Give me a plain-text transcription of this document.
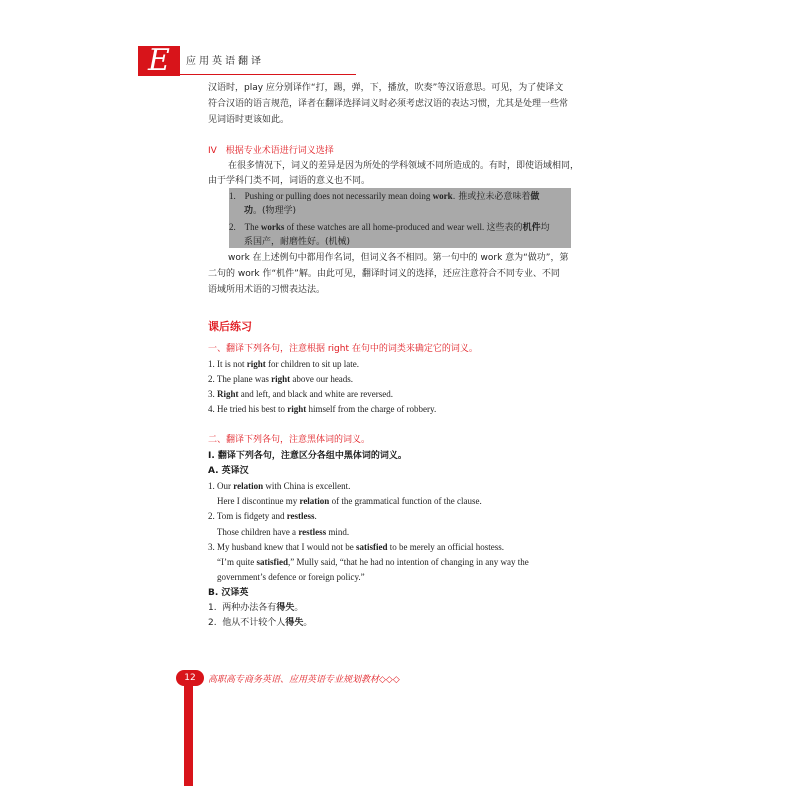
E	应用英语翻译
汉语时，play 应分别译作“打，踢，弹，下，播放，吹奏”等汉语意思。可见，为了使译文
符合汉语的语言规范，译者在翻译选择词义时必须考虑汉语的表达习惯，尤其是处理一些常
见词语时更该如此。
IV　根据专业术语进行词义选择
在很多情况下，词义的差异是因为所处的学科领域不同所造成的。有时，即使语域相同，
由于学科门类不同，词语的意义也不同。
1. Pushing or pulling does not necessarily mean doing work. 推或拉未必意味着做
功。(物理学)
2. The works of these watches are all home-produced and wear well. 这些表的机件均
系国产，耐磨性好。(机械)
work 在上述例句中都用作名词，但词义各不相同。第一句中的 work 意为“做功”，第
二句的 work 作“机件”解。由此可见，翻译时词义的选择，还应注意符合不同专业、不同
语域所用术语的习惯表达法。
课后练习
一、翻译下列各句，注意根据 right 在句中的词类来确定它的词义。
1. It is not right for children to sit up late.
2. The plane was right above our heads.
3. Right and left, and black and white are reversed.
4. He tried his best to right himself from the charge of robbery.
二、翻译下列各句，注意黑体词的词义。
I. 翻译下列各句，注意区分各组中黑体词的词义。
A. 英译汉
1. Our relation with China is excellent.
Here I discontinue my relation of the grammatical function of the clause.
2. Tom is fidgety and restless.
Those children have a restless mind.
3. My husband knew that I would not be satisfied to be merely an official hostess.
“I’m quite satisfied,” Mully said, “that he had no intention of changing in any way the
government’s defence or foreign policy.”
B. 汉译英
1.  两种办法各有得失。
2.  他从不计较个人得失。
12	高职高专商务英语、应用英语专业规划教材◇◇◇
